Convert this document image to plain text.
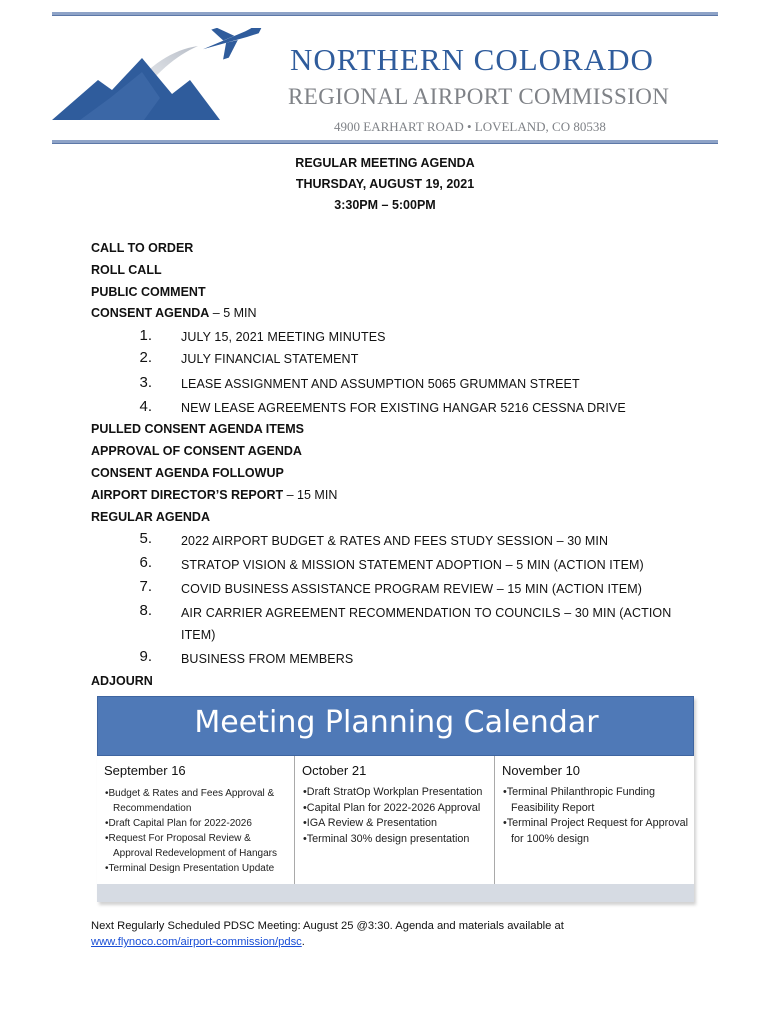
NORTHERN COLORADO
REGIONAL AIRPORT COMMISSION
4900 EARHART ROAD • LOVELAND, CO 80538
REGULAR MEETING AGENDA
THURSDAY, AUGUST 19, 2021
3:30PM – 5:00PM
CALL TO ORDER
ROLL CALL
PUBLIC COMMENT
CONSENT AGENDA – 5 MIN
1. JULY 15, 2021 MEETING MINUTES
2. JULY FINANCIAL STATEMENT
3. LEASE ASSIGNMENT AND ASSUMPTION 5065 GRUMMAN STREET
4. NEW LEASE AGREEMENTS FOR EXISTING HANGAR 5216 CESSNA DRIVE
PULLED CONSENT AGENDA ITEMS
APPROVAL OF CONSENT AGENDA
CONSENT AGENDA FOLLOWUP
AIRPORT DIRECTOR’S REPORT – 15 MIN
REGULAR AGENDA
5. 2022 AIRPORT BUDGET & RATES AND FEES STUDY SESSION – 30 MIN
6. STRATOP VISION & MISSION STATEMENT ADOPTION – 5 MIN (ACTION ITEM)
7. COVID BUSINESS ASSISTANCE PROGRAM REVIEW – 15 MIN (ACTION ITEM)
8. AIR CARRIER AGREEMENT RECOMMENDATION TO COUNCILS – 30 MIN (ACTION
ITEM)
9. BUSINESS FROM MEMBERS
ADJOURN
Meeting Planning Calendar
September 16
• Budget & Rates and Fees Approval & Recommendation
• Draft Capital Plan for 2022-2026
• Request For Proposal Review & Approval Redevelopment of Hangars
• Terminal Design Presentation Update
October 21
• Draft StratOp Workplan Presentation
• Capital Plan for 2022-2026 Approval
• IGA Review & Presentation
• Terminal 30% design presentation
November 10
• Terminal Philanthropic Funding Feasibility Report
• Terminal Project Request for Approval for 100% design
Next Regularly Scheduled PDSC Meeting: August 25 @3:30. Agenda and materials available at
www.flynoco.com/airport-commission/pdsc.
